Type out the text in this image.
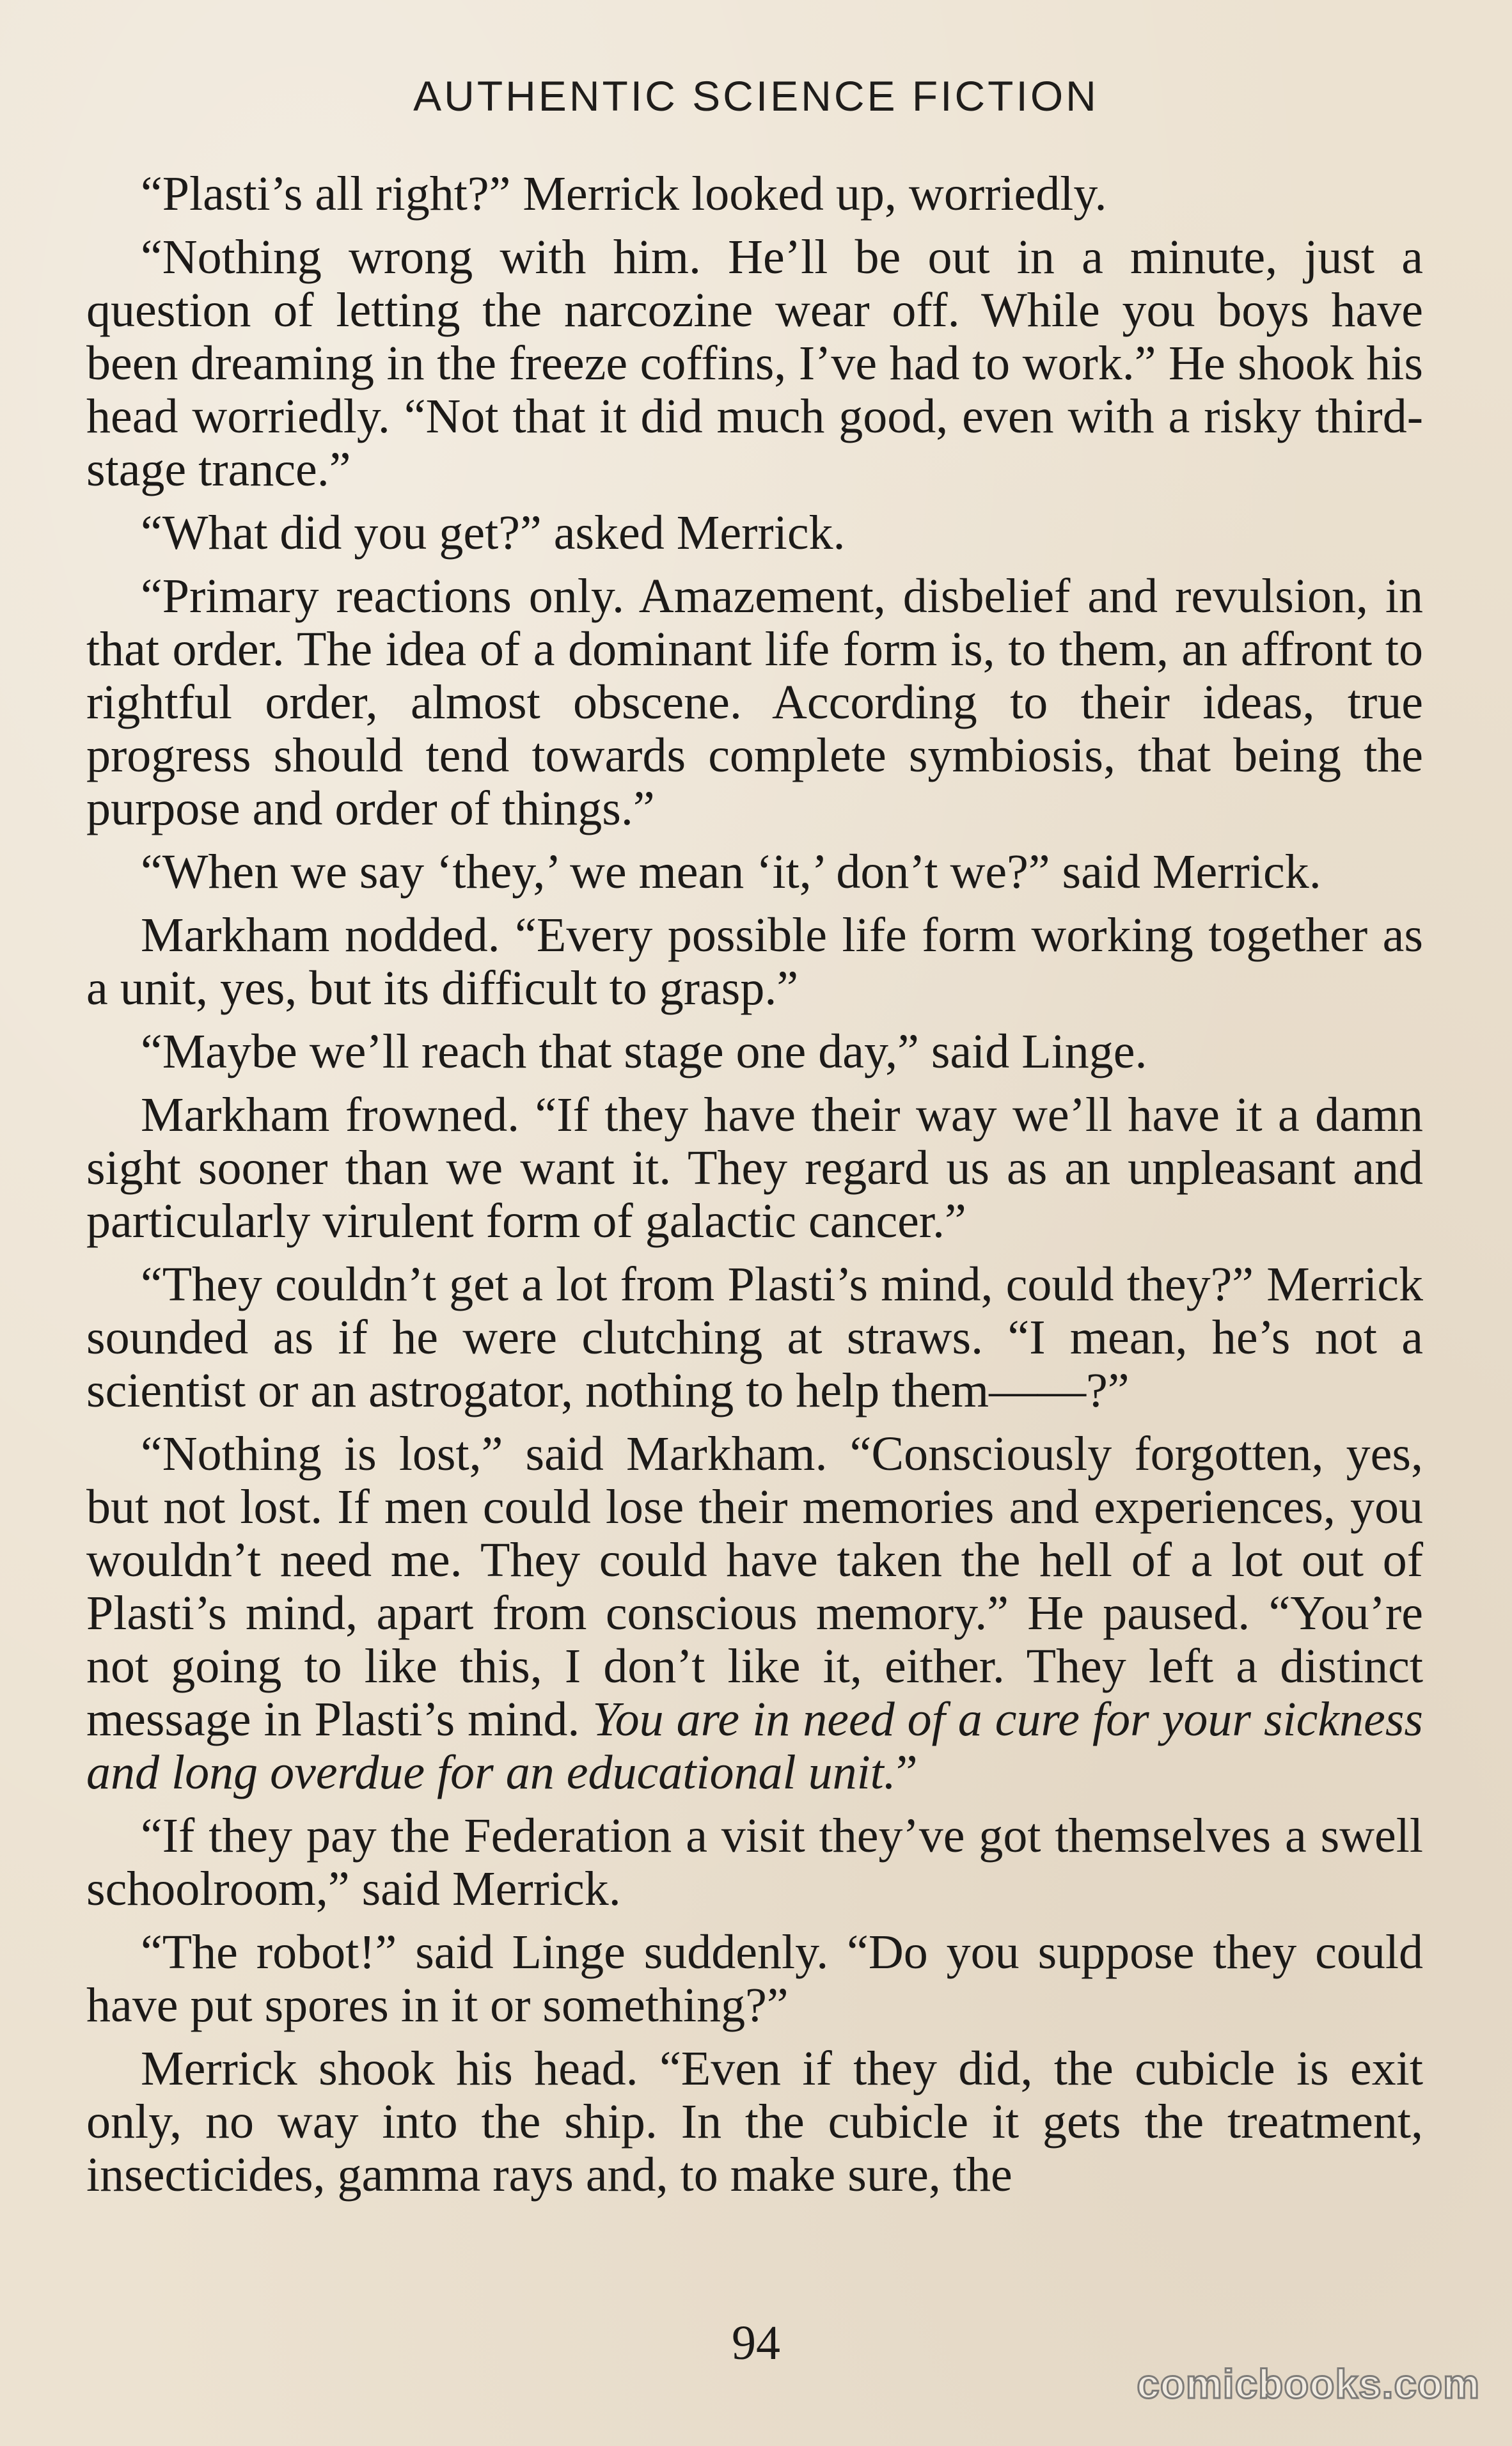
AUTHENTIC SCIENCE FICTION

“Plasti’s all right?” Merrick looked up, worriedly.

“Nothing wrong with him. He’ll be out in a minute, just a question of letting the narcozine wear off. While you boys have been dreaming in the freeze coffins, I’ve had to work.” He shook his head worriedly. “Not that it did much good, even with a risky third-stage trance.”

“What did you get?” asked Merrick.

“Primary reactions only. Amazement, disbelief and revulsion, in that order. The idea of a dominant life form is, to them, an affront to rightful order, almost obscene. According to their ideas, true progress should tend towards complete symbiosis, that being the purpose and order of things.”

“When we say ‘they,’ we mean ‘it,’ don’t we?” said Merrick.

Markham nodded. “Every possible life form working together as a unit, yes, but its difficult to grasp.”

“Maybe we’ll reach that stage one day,” said Linge.

Markham frowned. “If they have their way we’ll have it a damn sight sooner than we want it. They regard us as an unpleasant and particularly virulent form of galactic cancer.”

“They couldn’t get a lot from Plasti’s mind, could they?” Merrick sounded as if he were clutching at straws. “I mean, he’s not a scientist or an astrogator, nothing to help them——?”

“Nothing is lost,” said Markham. “Consciously forgotten, yes, but not lost. If men could lose their memories and experiences, you wouldn’t need me. They could have taken the hell of a lot out of Plasti’s mind, apart from conscious memory.” He paused. “You’re not going to like this, I don’t like it, either. They left a distinct message in Plasti’s mind. You are in need of a cure for your sickness and long overdue for an educational unit.”

“If they pay the Federation a visit they’ve got themselves a swell schoolroom,” said Merrick.

“The robot!” said Linge suddenly. “Do you suppose they could have put spores in it or something?”

Merrick shook his head. “Even if they did, the cubicle is exit only, no way into the ship. In the cubicle it gets the treatment, insecticides, gamma rays and, to make sure, the

94
comicbooks.com
